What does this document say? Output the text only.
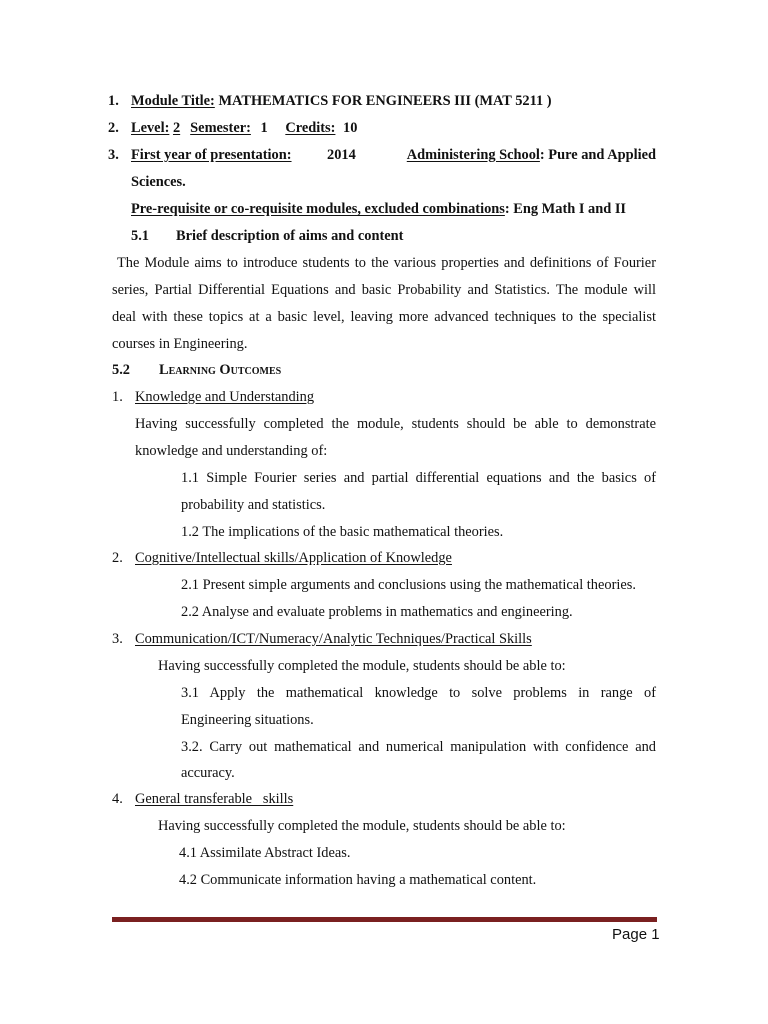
1. Module Title: MATHEMATICS FOR ENGINEERS III (MAT 5211 )
2. Level: 2 Semester: 1 Credits: 10
3. First year of presentation: 2014	Administering School: Pure and Applied
Sciences.
Pre-requisite or co-requisite modules, excluded combinations: Eng Math I and II
5.1 Brief description of aims and content
The Module aims to introduce students to the various properties and definitions of Fourier
series, Partial Differential Equations and basic Probability and Statistics. The module will
deal with these topics at a basic level, leaving more advanced techniques to the specialist
courses in Engineering.
5.2 Learning Outcomes
1. Knowledge and Understanding
Having successfully completed the module, students should be able to demonstrate
knowledge and understanding of:
1.1 Simple Fourier series and partial differential equations and the basics of
probability and statistics.
1.2 The implications of the basic mathematical theories.
2. Cognitive/Intellectual skills/Application of Knowledge
2.1 Present simple arguments and conclusions using the mathematical theories.
2.2 Analyse and evaluate problems in mathematics and engineering.
3. Communication/ICT/Numeracy/Analytic Techniques/Practical Skills
Having successfully completed the module, students should be able to:
3.1 Apply the mathematical knowledge to solve problems in range of
Engineering situations.
3.2. Carry out mathematical and numerical manipulation with confidence and
accuracy.
4. General transferable   skills
Having successfully completed the module, students should be able to:
4.1 Assimilate Abstract Ideas.
4.2 Communicate information having a mathematical content.
Page 1
